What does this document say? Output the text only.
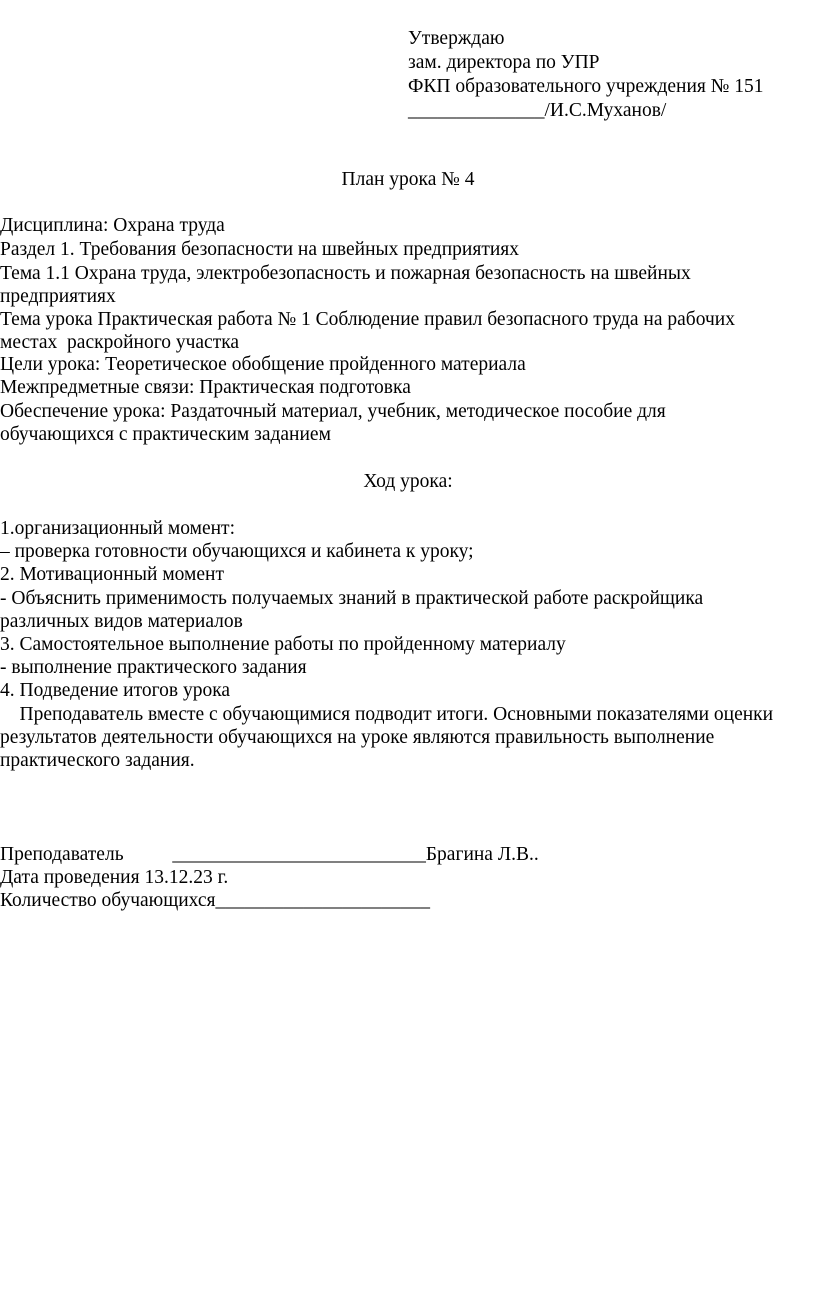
Утверждаю
зам. директора по УПР
ФКП образовательного учреждения № 151
______________/И.С.Муханов/
План урока № 4
Дисциплина: Охрана труда
Раздел 1. Требования безопасности на швейных предприятиях
Тема 1.1 Охрана труда, электробезопасность и пожарная безопасность на швейных
предприятиях
Тема урока Практическая работа № 1 Соблюдение правил безопасного труда на рабочих
местах  раскройного участка
Цели урока: Теоретическое обобщение пройденного материала
Межпредметные связи: Практическая подготовка
Обеспечение урока: Раздаточный материал, учебник, методическое пособие для
обучающихся с практическим заданием
Ход урока:
1.организационный момент:
– проверка готовности обучающихся и кабинета к уроку;
2. Мотивационный момент
- Объяснить применимость получаемых знаний в практической работе раскройщика
различных видов материалов
3. Самостоятельное выполнение работы по пройденному материалу
- выполнение практического задания
4. Подведение итогов урока
Преподаватель вместе с обучающимися подводит итоги. Основными показателями оценки
результатов деятельности обучающихся на уроке являются правильность выполнение
практического задания.
Преподаватель          __________________________Брагина Л.В..
Дата проведения 13.12.23 г.
Количество обучающихся______________________
